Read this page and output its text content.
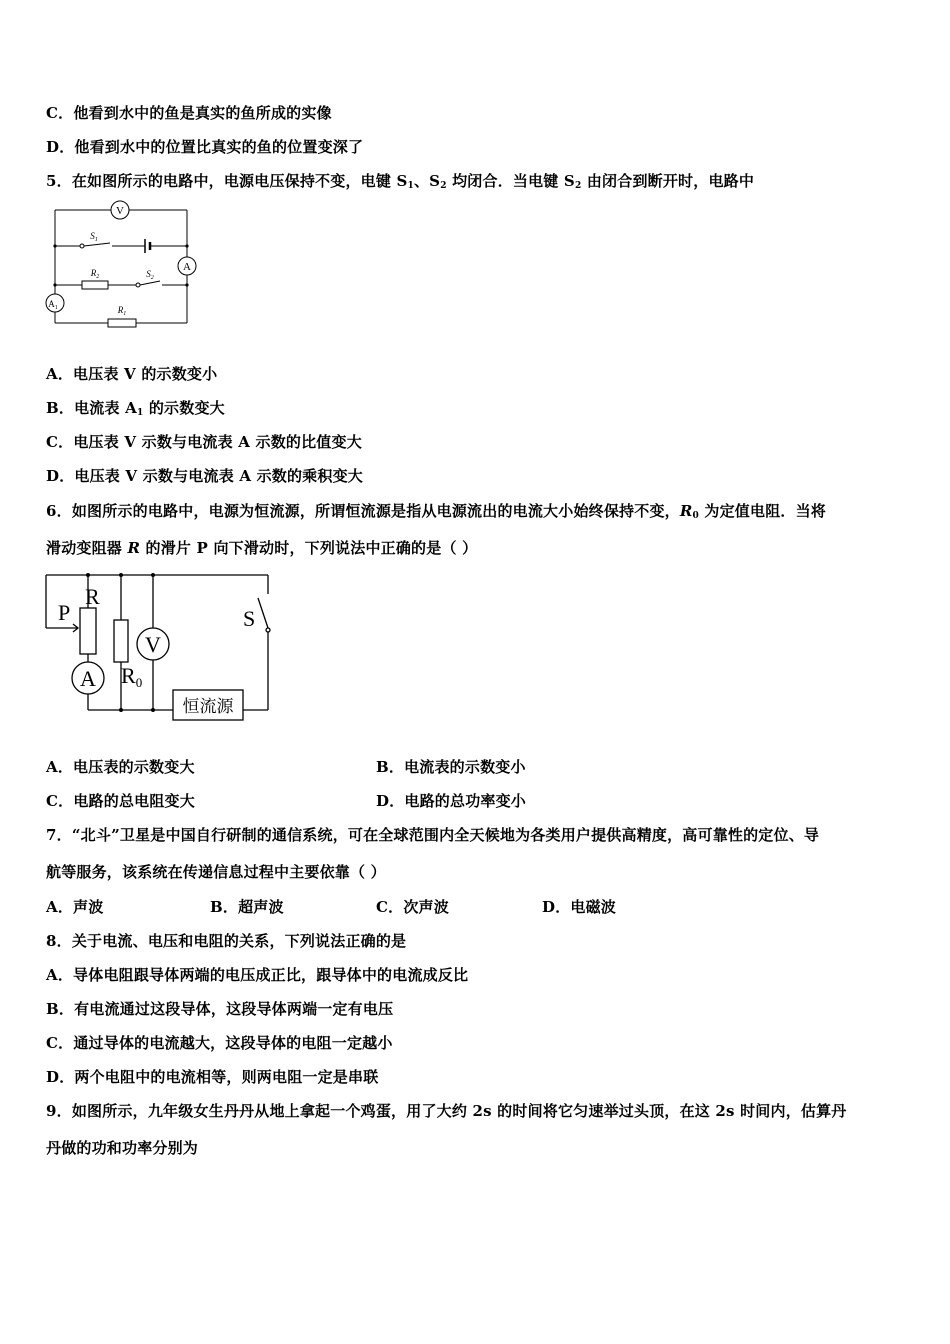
C．他看到水中的鱼是真实的鱼所成的实像
D．他看到水中的位置比真实的鱼的位置变深了
5．在如图所示的电路中，电源电压保持不变，电键 $S_1$、$S_2$ 均闭合．当电键 $S_2$ 由闭合到断开时，电路中
V
A
$A_1$
$S_1$
$R_2$	$S_2$
$R_1$
A．电压表 V 的示数变小
B．电流表 $A_1$ 的示数变大
C．电压表 V 示数与电流表 A 示数的比值变大
D．电压表 V 示数与电流表 A 示数的乘积变大
6．如图所示的电路中，电源为恒流源，所谓恒流源是指从电源流出的电流大小始终保持不变，$R_0$ 为定值电阻．当将
滑动变阻器 R 的滑片 P 向下滑动时，下列说法中正确的是（ ）
P
R
S
V
A R0
恒流源
A．电压表的示数变大	B．电流表的示数变小
C．电路的总电阻变大	D．电路的总功率变小
7．“北斗”卫星是中国自行研制的通信系统，可在全球范围内全天候地为各类用户提供高精度，高可靠性的定位、导
航等服务，该系统在传递信息过程中主要依靠（ ）
A．声波	B．超声波	C．次声波	D．电磁波
8．关于电流、电压和电阻的关系，下列说法正确的是
A．导体电阻跟导体两端的电压成正比，跟导体中的电流成反比
B．有电流通过这段导体，这段导体两端一定有电压
C．通过导体的电流越大，这段导体的电阻一定越小
D．两个电阻中的电流相等，则两电阻一定是串联
9．如图所示，九年级女生丹丹从地上拿起一个鸡蛋，用了大约 2s 的时间将它匀速举过头顶，在这 2s 时间内，估算丹
丹做的功和功率分别为
